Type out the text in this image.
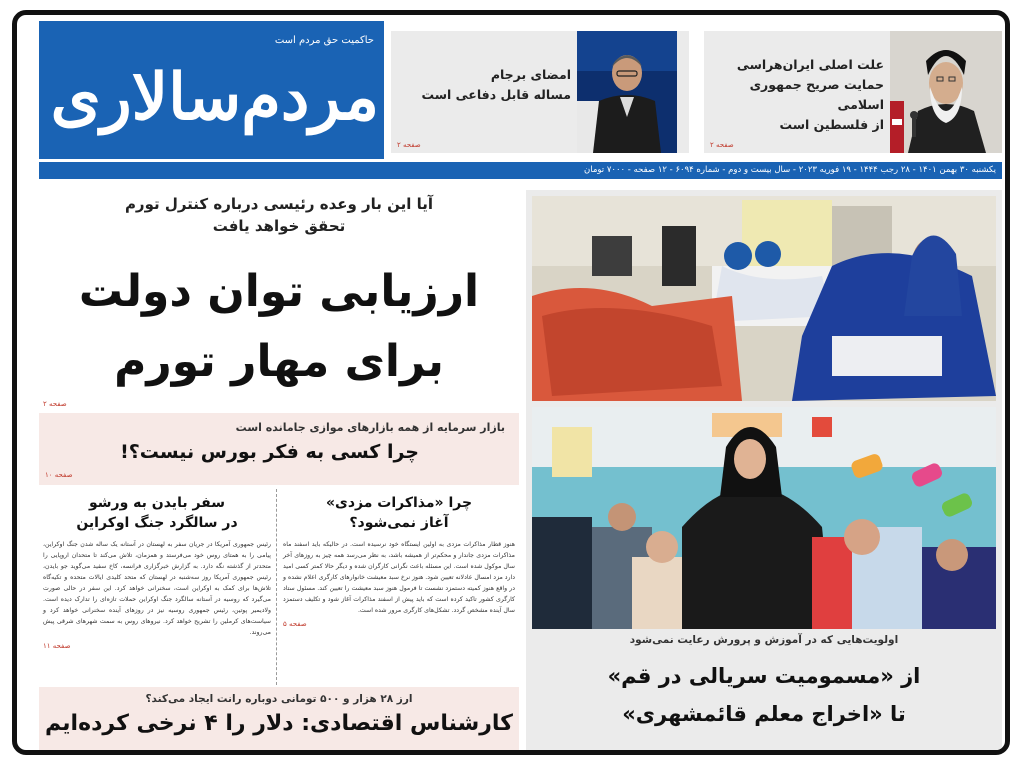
حاکمیت حق مردم است
مردم‌سالاری	امضای برجام
مساله قابل دفاعی است
صفحه ۲
علت اصلی ایران‌هراسی
حمایت صریح جمهوری اسلامی
از فلسطین است
صفحه ۲
یکشنبه ۳۰ بهمن ۱۴۰۱ - ۲۸ رجب ۱۴۴۴ - ۱۹ فوریه ۲۰۲۳ - سال بیست و دوم - شماره ۶۰۹۴ - ۱۲ صفحه - ۷۰۰۰ تومان
آیا این بار وعده رئیسی درباره کنترل تورم
تحقق خواهد یافت
ارزیابی توان دولت
برای مهار تورم
صفحه ۲
بازار سرمایه از همه بازارهای موازی جامانده است
چرا کسی به فکر بورس نیست؟!
صفحه ۱۰
چرا «مذاکرات مزدی»
آغاز نمی‌شود؟
هنوز قطار مذاکرات مزدی به اولین ایستگاه خود نرسیده است. در حالیکه باید اسفند ماه مذاکرات مزدی جاندار و محکم‌تر از همیشه باشد، به نظر می‌رسد همه چیز به روزهای آخر سال موکول شده است. این مسئله باعث نگرانی کارگران شده و دیگر حالا کمتر کسی امید دارد مزد امسال عادلانه تعیین شود. هنوز نرخ سبد معیشت خانوارهای کارگری اعلام نشده و در واقع هنوز کمیته دستمزد نشست تا فرمول هنوز سبد معیشت را تعیین کند. مسئول ستاد کارگری کشور تاکید کرده است که باید پیش از اسفند مذاکرات آغاز شود و تکلیف دستمزد سال آینده مشخص گردد. تشکل‌های کارگری مرور شده است.
صفحه ۵
سفر بایدن به ورشو
در سالگرد جنگ اوکراین
رئیس جمهوری آمریکا در جریان سفر به لهستان در آستانه یک ساله شدن جنگ اوکراین، پیامی را به همتای روس خود می‌فرستد و همزمان، تلاش می‌کند تا متحدان اروپایی را متحدتر از گذشته نگه دارد. به گزارش خبرگزاری فرانسه، کاخ سفید می‌گوید جو بایدن، رئیس جمهوری آمریکا روز سه‌شنبه در لهستان که متحد کلیدی ایالات متحده و تکیه‌گاه تلاش‌ها برای کمک به اوکراین است، سخنرانی خواهد کرد. این سفر در حالی صورت می‌گیرد که روسیه در آستانه سالگرد جنگ اوکراین حملات تازه‌ای را تدارک دیده است. ولادیمیر پوتین، رئیس جمهوری روسیه نیز در روزهای آینده سخنرانی خواهد کرد و سیاست‌های کرملین را تشریح خواهد کرد. نیروهای روس به سمت شهرهای شرقی پیش می‌روند.
صفحه ۱۱
ارز ۲۸ هزار و ۵۰۰ تومانی دوباره رانت ایجاد می‌کند؟
کارشناس اقتصادی: دلار را ۴ نرخی کرده‌ایم
اولویت‌هایی که در آموزش و پرورش رعایت نمی‌شود
از «مسمومیت سریالی در قم»
تا «اخراج معلم قائمشهری»
